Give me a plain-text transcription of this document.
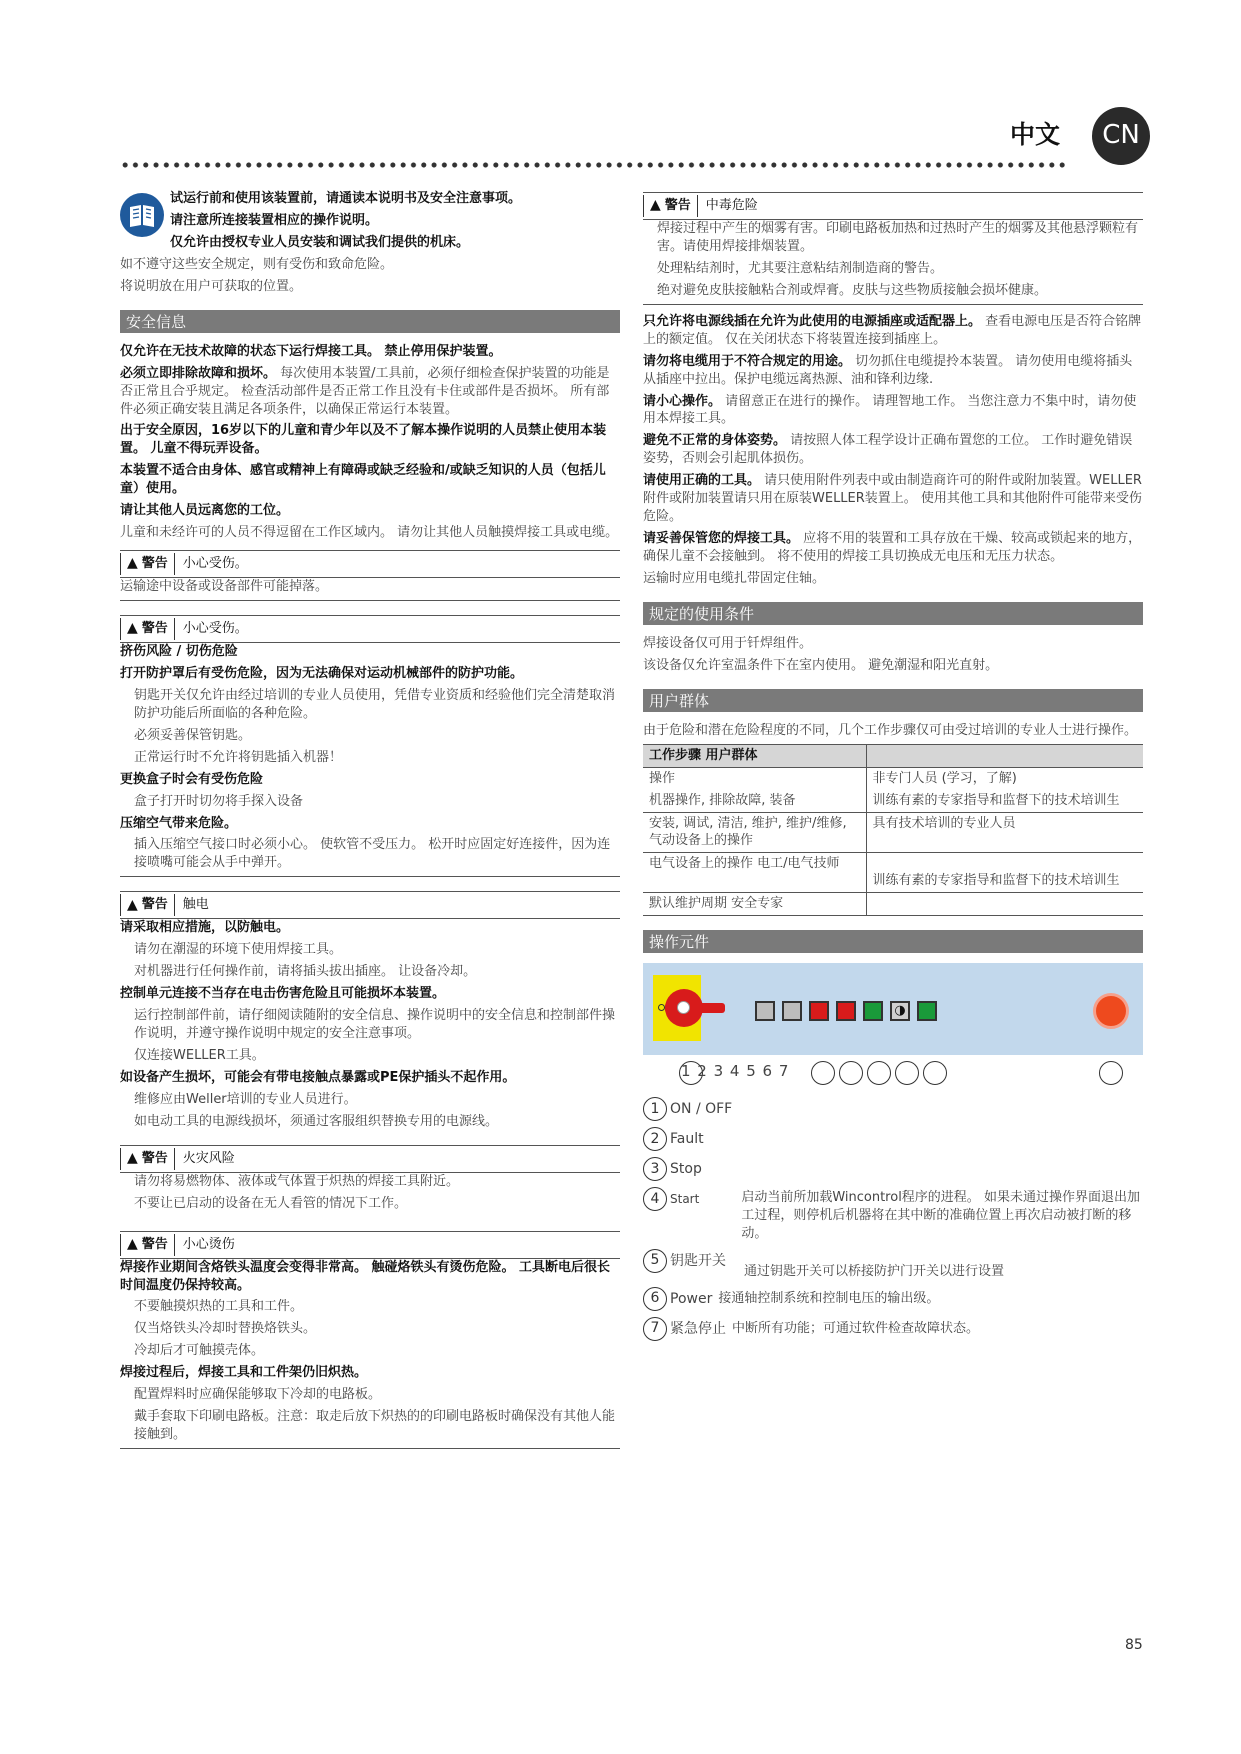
中文	CN

试运行前和使用该装置前，请通读本说明书及安全注意事项。

请注意所连接装置相应的操作说明。

仅允许由授权专业人员安装和调试我们提供的机床。

如不遵守这些安全规定，则有受伤和致命危险。

将说明放在用户可获取的位置。

安全信息

仅允许在无技术故障的状态下运行焊接工具。 禁止停用保护装置。

必须立即排除故障和损坏。 每次使用本装置/工具前，必须仔细检查保护装置的功能是否正常且合乎规定。 检查活动部件是否正常工作且没有卡住或部件是否损坏。 所有部件必须正确安装且满足各项条件，以确保正常运行本装置。

出于安全原因，16岁以下的儿童和青少年以及不了解本操作说明的人员禁止使用本装置。 儿童不得玩弄设备。

本装置不适合由身体、感官或精神上有障碍或缺乏经验和/或缺乏知识的人员（包括儿童）使用。

请让其他人员远离您的工位。

儿童和未经许可的人员不得逗留在工作区域内。 请勿让其他人员触摸焊接工具或电缆。

▲ 警告	小心受伤。

运输途中设备或设备部件可能掉落。

▲ 警告	小心受伤。

挤伤风险 / 切伤危险

打开防护罩后有受伤危险，因为无法确保对运动机械部件的防护功能。

钥匙开关仅允许由经过培训的专业人员使用，凭借专业资质和经验他们完全清楚取消防护功能后所面临的各种危险。

必须妥善保管钥匙。

正常运行时不允许将钥匙插入机器！

更换盒子时会有受伤危险

盒子打开时切勿将手探入设备

压缩空气带来危险。

插入压缩空气接口时必须小心。 使软管不受压力。 松开时应固定好连接件，因为连接喷嘴可能会从手中弹开。

▲ 警告	触电

请采取相应措施，以防触电。

请勿在潮湿的环境下使用焊接工具。

对机器进行任何操作前，请将插头拔出插座。 让设备冷却。

控制单元连接不当存在电击伤害危险且可能损坏本装置。

运行控制部件前，请仔细阅读随附的安全信息、操作说明中的安全信息和控制部件操作说明，并遵守操作说明中规定的安全注意事项。

仅连接WELLER工具。

如设备产生损坏，可能会有带电接触点暴露或PE保护插头不起作用。

维修应由Weller培训的专业人员进行。

如电动工具的电源线损坏，须通过客服组织替换专用的电源线。

▲ 警告	火灾风险

请勿将易燃物体、液体或气体置于炽热的焊接工具附近。

不要让已启动的设备在无人看管的情况下工作。

▲ 警告	小心烫伤

焊接作业期间含烙铁头温度会变得非常高。 触碰烙铁头有烫伤危险。 工具断电后很长时间温度仍保持较高。

不要触摸炽热的工具和工件。

仅当烙铁头冷却时替换烙铁头。

冷却后才可触摸壳体。

焊接过程后，焊接工具和工件架仍旧炽热。

配置焊料时应确保能够取下冷却的电路板。

戴手套取下印刷电路板。注意：取走后放下炽热的的印刷电路板时确保没有其他人能接触到。

▲ 警告	中毒危险

焊接过程中产生的烟雾有害。印刷电路板加热和过热时产生的烟雾及其他悬浮颗粒有害。请使用焊接排烟装置。

处理粘结剂时，尤其要注意粘结剂制造商的警告。

绝对避免皮肤接触粘合剂或焊膏。皮肤与这些物质接触会损坏健康。

只允许将电源线插在允许为此使用的电源插座或适配器上。 查看电源电压是否符合铭牌上的额定值。 仅在关闭状态下将装置连接到插座上。

请勿将电缆用于不符合规定的用途。 切勿抓住电缆提拎本装置。 请勿使用电缆将插头从插座中拉出。保护电缆远离热源、油和锋利边缘.

请小心操作。 请留意正在进行的操作。 请理智地工作。 当您注意力不集中时，请勿使用本焊接工具。

避免不正常的身体姿势。 请按照人体工程学设计正确布置您的工位。 工作时避免错误姿势，否则会引起肌体损伤。

请使用正确的工具。 请只使用附件列表中或由制造商许可的附件或附加装置。WELLER附件或附加装置请只用在原装WELLER装置上。 使用其他工具和其他附件可能带来受伤危险。

请妥善保管您的焊接工具。 应将不用的装置和工具存放在干燥、较高或锁起来的地方，确保儿童不会接触到。 将不使用的焊接工具切换成无电压和无压力状态。

运输时应用电缆扎带固定住轴。

规定的使用条件

焊接设备仅可用于钎焊组件。

该设备仅允许室温条件下在室内使用。 避免潮湿和阳光直射。

用户群体

由于危险和潜在危险程度的不同，几个工作步骤仅可由受过培训的专业人士进行操作。

工作步骤 用户群体	
操作	非专门人员 (学习，了解)
机器操作, 排除故障, 装备	训练有素的专家指导和监督下的技术培训生
安装, 调试, 清洁, 维护, 维护/维修, 气动设备上的操作	具有技术培训的专业人员
电气设备上的操作 电工/电气技师	训练有素的专家指导和监督下的技术培训生
默认维护周期 安全专家	
操作元件
◑
1 2 3 4 5 6 7
1 ON / OFF
2 Fault
3 Stop
4 Start	启动当前所加载Wincontrol程序的进程。 如果未通过操作界面退出加工过程，则停机后机器将在其中断的准确位置上再次启动被打断的移动。
5 钥匙开关
通过钥匙开关可以桥接防护门开关以进行设置
6 Power 接通轴控制系统和控制电压的输出级。
7 紧急停止 中断所有功能；可通过软件检查故障状态。
85
